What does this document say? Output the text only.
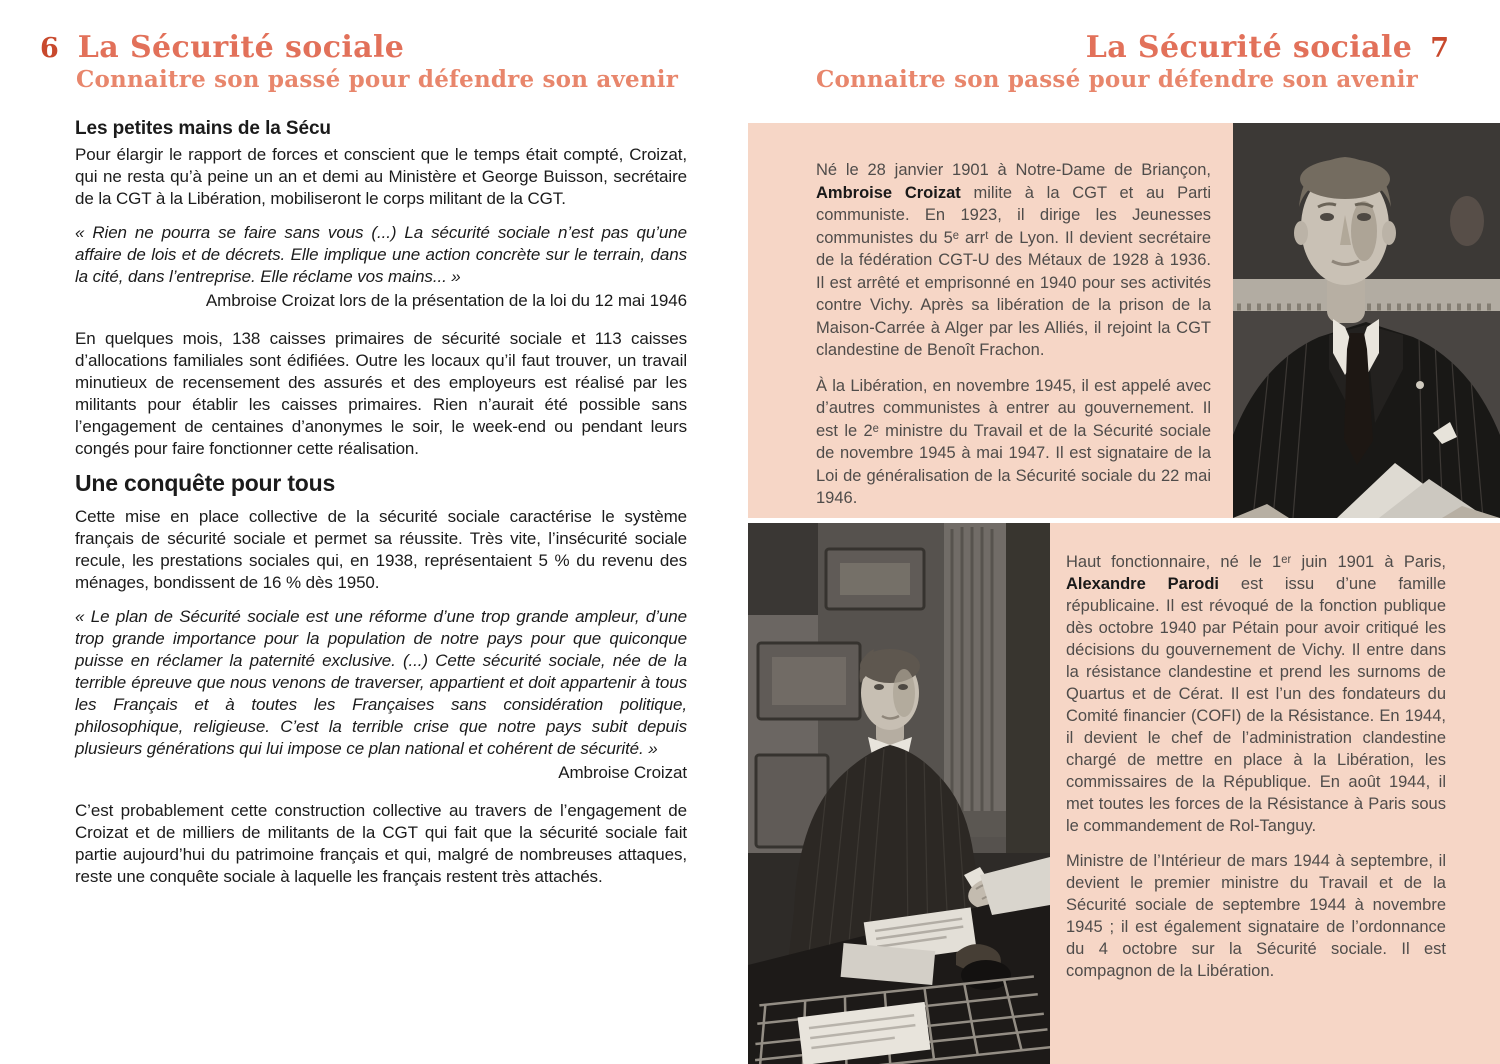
6 La Sécurité sociale
Connaitre son passé pour défendre son avenir
La Sécurité sociale 7
Connaitre son passé pour défendre son avenir
Les petites mains de la Sécu

Pour élargir le rapport de forces et conscient que le temps était compté, Croizat, qui ne resta qu’à peine un an et demi au Ministère et George Buisson, secrétaire de la CGT à la Libération, mobiliseront le corps militant de la CGT.

« Rien ne pourra se faire sans vous (...) La sécurité sociale n’est pas qu’une affaire de lois et de décrets. Elle implique une action concrète sur le terrain, dans la cité, dans l’entreprise. Elle réclame vos mains... »

Ambroise Croizat lors de la présentation de la loi du 12 mai 1946

En quelques mois, 138 caisses primaires de sécurité sociale et 113 caisses d’allocations familiales sont édifiées. Outre les locaux qu’il faut trouver, un travail minutieux de recensement des assurés et des employeurs est réalisé par les militants pour établir les caisses primaires. Rien n’aurait été possible sans l’engagement de centaines d’anonymes le soir, le week-end ou pendant leurs congés pour faire fonctionner cette réalisation.

Une conquête pour tous

Cette mise en place collective de la sécurité sociale caractérise le système français de sécurité sociale et permet sa réussite. Très vite, l’insécurité sociale recule, les prestations sociales qui, en 1938, représentaient 5 % du revenu des ménages, bondissent de 16 % dès 1950.

« Le plan de Sécurité sociale est une réforme d’une trop grande ampleur, d’une trop grande importance pour la population de notre pays pour que quiconque puisse en réclamer la paternité exclusive. (...) Cette sécurité sociale, née de la terrible épreuve que nous venons de traverser, appartient et doit appartenir à tous les Français et à toutes les Françaises sans considération politique, philosophique, religieuse. C’est la terrible crise que notre pays subit depuis plusieurs générations qui lui impose ce plan national et cohérent de sécurité. »

Ambroise Croizat

C’est probablement cette construction collective au travers de l’engagement de Croizat et de milliers de militants de la CGT qui fait que la sécurité sociale fait partie aujourd’hui du patrimoine français et qui, malgré de nombreuses attaques, reste une conquête sociale à laquelle les français restent très attachés.

Né le 28 janvier 1901 à Notre-Dame de Briançon, Ambroise Croizat milite à la CGT et au Parti communiste. En 1923, il dirige les Jeunesses communistes du 5ᵉ arrᵗ de Lyon. Il devient secrétaire de la fédération CGT-U des Métaux de 1928 à 1936. Il est arrêté et emprisonné en 1940 pour ses activités contre Vichy. Après sa libération de la prison de la Maison-Carrée à Alger par les Alliés, il rejoint la CGT clandestine de Benoît Frachon.

À la Libération, en novembre 1945, il est appelé avec d’autres communistes à entrer au gouvernement. Il est le 2ᵉ ministre du Travail et de la Sécurité sociale de novembre 1945 à mai 1947. Il est signataire de la Loi de généralisation de la Sécurité sociale du 22 mai 1946.

Haut fonctionnaire, né le 1ᵉʳ juin 1901 à Paris, Alexandre Parodi est issu d’une famille républicaine. Il est révoqué de la fonction publique dès octobre 1940 par Pétain pour avoir critiqué les décisions du gouvernement de Vichy. Il entre dans la résistance clandestine et prend les surnoms de Quartus et de Cérat. Il est l’un des fondateurs du Comité financier (COFI) de la Résistance. En 1944, il devient le chef de l’administration clandestine chargé de mettre en place à la Libération, les commissaires de la République. En août 1944, il met toutes les forces de la Résistance à Paris sous le commandement de Rol-Tanguy.

Ministre de l’Intérieur de mars 1944 à septembre, il devient le premier ministre du Travail et de la Sécurité sociale de septembre 1944 à novembre 1945 ; il est également signataire de l’ordonnance du 4 octobre sur la Sécurité sociale. Il est compagnon de la Libération.
